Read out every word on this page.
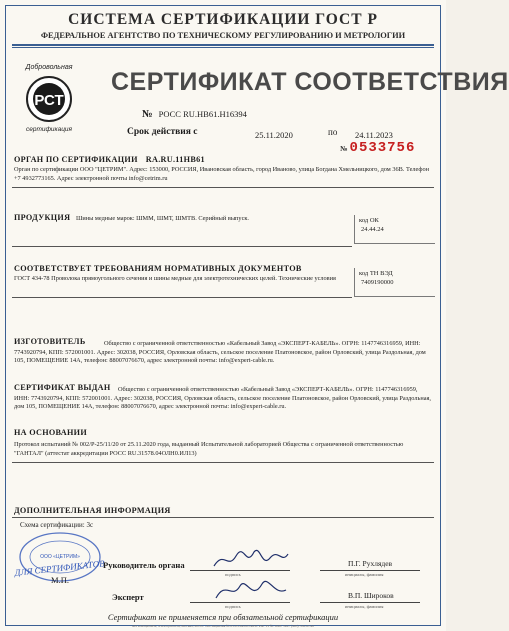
СИСТЕМА СЕРТИФИКАЦИИ ГОСТ Р
ФЕДЕРАЛЬНОЕ АГЕНТСТВО ПО ТЕХНИЧЕСКОМУ РЕГУЛИРОВАНИЮ И МЕТРОЛОГИИ
Добровольная
РСТ
сертификация
СЕРТИФИКАТ СООТВЕТСТВИЯ
№ РОСС RU.НВ61.Н16394
Срок действия с	25.11.2020	по 24.11.2023
№ 0533756
ОРГАН ПО СЕРТИФИКАЦИИ RA.RU.11НВ61
Орган по сертификации ООО "ЦЕТРИМ". Адрес: 153000, РОССИЯ, Ивановская область, город Иваново, улица Богдана Хмельницкого, дом 36В. Телефон +7 4932773165. Адрес электронной почты info@cetrim.ru
ПРОДУКЦИЯ Шины медные марок: ШММ, ШМТ, ШМТВ. Серийный выпуск.	код ОК
24.44.24
СООТВЕТСТВУЕТ ТРЕБОВАНИЯМ НОРМАТИВНЫХ ДОКУМЕНТОВ
ГОСТ 434-78 Проволока прямоугольного сечения и шины медные для электротехнических целей. Технические условия
код ТН ВЭД
7409190000
ИЗГОТОВИТЕЛЬ	Общество с ограниченной ответственностью «Кабельный Завод «ЭКСПЕРТ-КАБЕЛЬ». ОГРН: 1147746316959, ИНН: 7743920794, КПП: 572001001. Адрес: 302038, РОССИЯ, Орловская область, сельское поселение Платоновское, район Орловский, улица Раздольная, дом 105, ПОМЕЩЕНИЕ 14А, телефон: 88007076670, адрес электронной почты: info@expert-cable.ru.
СЕРТИФИКАТ ВЫДАН	Общество с ограниченной ответственностью «Кабельный Завод «ЭКСПЕРТ-КАБЕЛЬ». ОГРН: 1147746316959, ИНН: 7743920794, КПП: 572001001. Адрес: 302038, РОССИЯ, Орловская область, сельское поселение Платоновское, район Орловский, улица Раздольная, дом 105, ПОМЕЩЕНИЕ 14А, телефон: 88007076670, адрес электронной почты: info@expert-cable.ru.
НА ОСНОВАНИИ
Протокол испытаний № 002/Р-25/11/20 от 25.11.2020 года, выданный Испытательной лабораторией Общества с ограниченной ответственностью "ГАНТАЛ" (аттестат аккредитации РОСС RU.31578.04ОЛН0.ИЛ13)
ДОПОЛНИТЕЛЬНАЯ ИНФОРМАЦИЯ
Схема сертификации: 3с
ООО «ЦЕТРИМ»
ДЛЯ СЕРТИФИКАТОВ
М.П.
Руководитель органа
подпись
П.Г. Рухлядев
инициалы, фамилия
Эксперт
подпись
В.П. Широков
инициалы, фамилия
Сертификат не применяется при обязательной сертификации
АО «ОПЦИОН», www.opcion.ru, Москва, 2018 г. «Б» лицензия № 05-05-09/003 ФНС РФ. ТЗ № 1028. Тел.: (495) 726-47-42
